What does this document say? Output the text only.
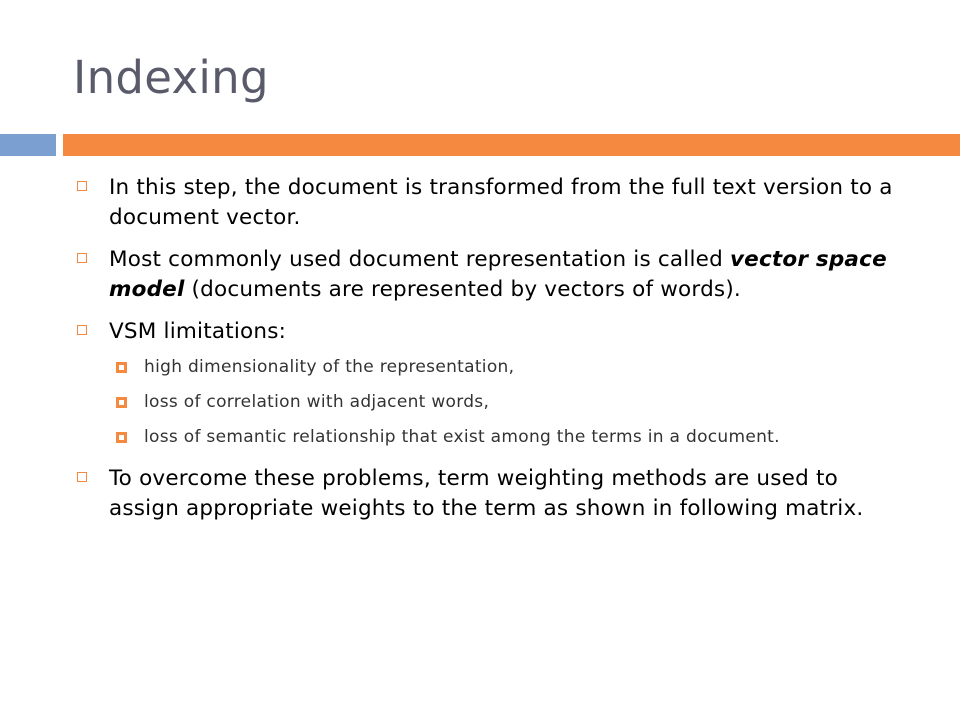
Indexing
In this step, the document is transformed from the full text version to a document vector.
Most commonly used document representation is called vector space model (documents are represented by vectors of words).
VSM limitations:
high dimensionality of the representation,
loss of correlation with adjacent words,
loss of semantic relationship that exist among the terms in a document.
To overcome these problems, term weighting methods are used to assign appropriate weights to the term as shown in following matrix.
